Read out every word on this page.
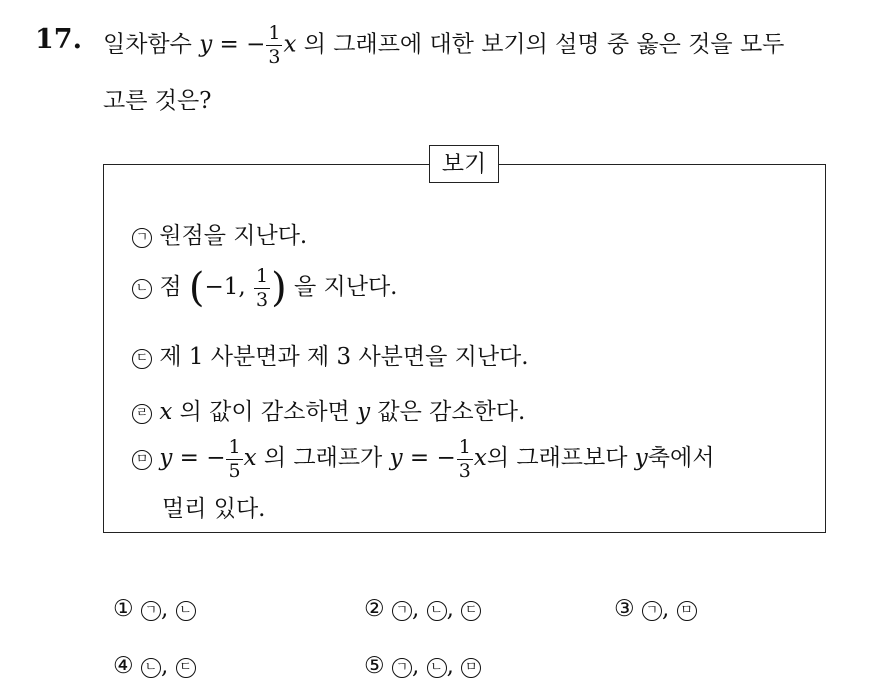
17. 일차함수 y = − $\frac{1}{3}$ x 의 그래프에 대한 보기의 설명 중 옳은 것을 모두
고른 것은?
보기
ㄱ 원점을 지난다.
ㄴ 점 (−1, $\frac{1}{3}$ ) 을 지난다.
ㄷ 제 1 사분면과 제 3 사분면을 지난다.
ㄹ x 의 값이 감소하면 y 값은 감소한다.
ㅁ y = − $\frac{1}{5}$ x 의 그래프가 y = − $\frac{1}{3}$ x의 그래프보다 y축에서
멀리 있다.
① ㄱ , ㄴ	② ㄱ , ㄴ , ㄷ	③ ㄱ , ㅁ
④ ㄴ , ㄷ	⑤ ㄱ , ㄴ , ㅁ
